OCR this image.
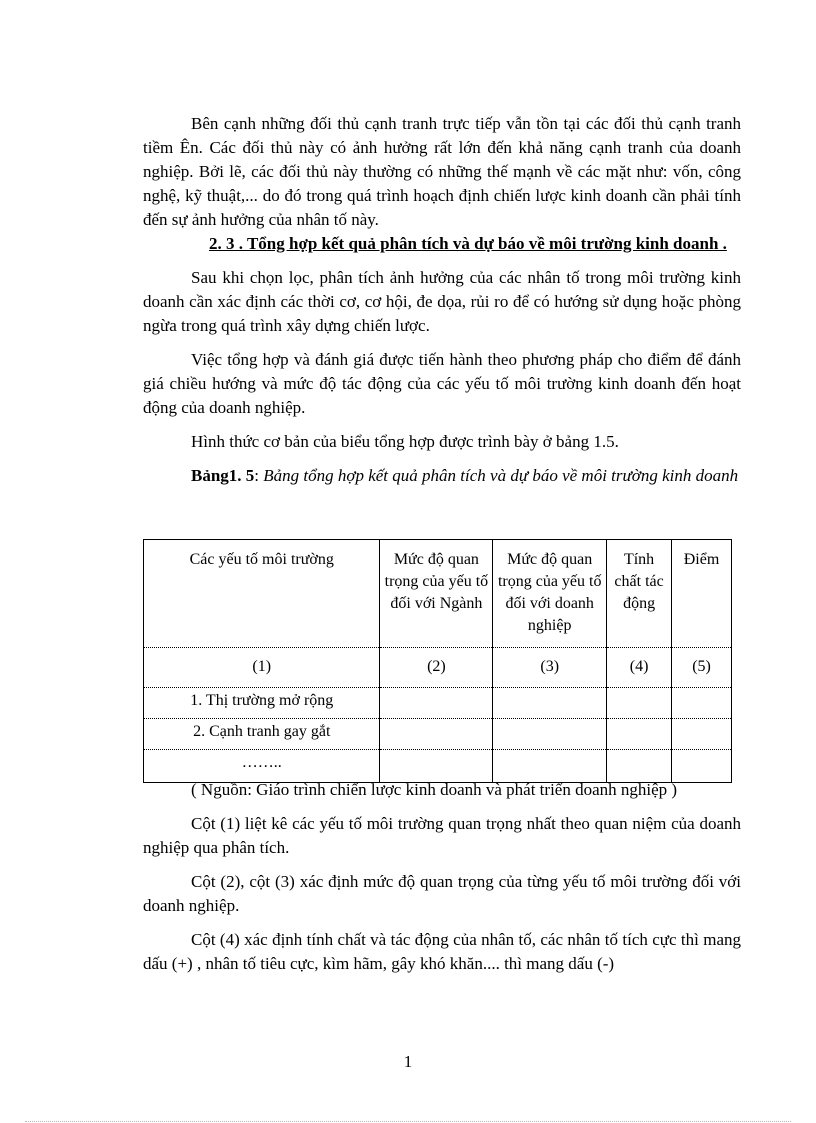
Bên cạnh những đối thủ cạnh tranh trực tiếp vẫn tồn tại các đối thủ cạnh tranh tiềm Ên. Các đối thủ này có ảnh hưởng rất lớn đến khả năng cạnh tranh của doanh nghiệp. Bởi lẽ, các đối thủ này thường có những thế mạnh về các mặt như: vốn, công nghệ, kỹ thuật,... do đó trong quá trình hoạch định chiến lược kinh doanh cần phải tính đến sự ảnh hưởng của nhân tố này.

2. 3 . Tổng hợp kết quả phân tích và dự báo về môi trường kinh doanh .

Sau khi chọn lọc, phân tích ảnh hưởng của các nhân tố trong môi trường kinh doanh cần xác định các thời cơ, cơ hội, đe dọa, rủi ro để có hướng sử dụng hoặc phòng ngừa trong quá trình xây dựng chiến lược.

Việc tổng hợp và đánh giá được tiến hành theo phương pháp cho điểm để đánh giá chiều hướng và mức độ tác động của các yếu tố môi trường kinh doanh đến hoạt động của doanh nghiệp.

Hình thức cơ bản của biểu tổng hợp được trình bày ở bảng 1.5.

Bảng1. 5: Bảng tổng hợp kết quả phân tích và dự báo về môi trường kinh doanh

Các yếu tố môi trường	Mức độ quan trọng của yếu tố đối với Ngành	Mức độ quan trọng của yếu tố đối với doanh nghiệp	Tính chất tác động	Điểm
(1)	(2)	(3)	(4)	(5)
1. Thị trường mở rộng				
2. Cạnh tranh gay gắt				
……..				

( Nguồn: Giáo trình chiến lược kinh doanh và phát triển doanh nghiệp )

Cột (1) liệt kê các yếu tố môi trường quan trọng nhất theo quan niệm của doanh nghiệp qua phân tích.

Cột (2), cột (3) xác định mức độ quan trọng của từng yếu tố môi trường đối với doanh nghiệp.

Cột (4) xác định tính chất và tác động của nhân tố, các nhân tố tích cực thì mang dấu (+) , nhân tố tiêu cực, kìm hãm, gây khó khăn.... thì mang dấu (-)

1
